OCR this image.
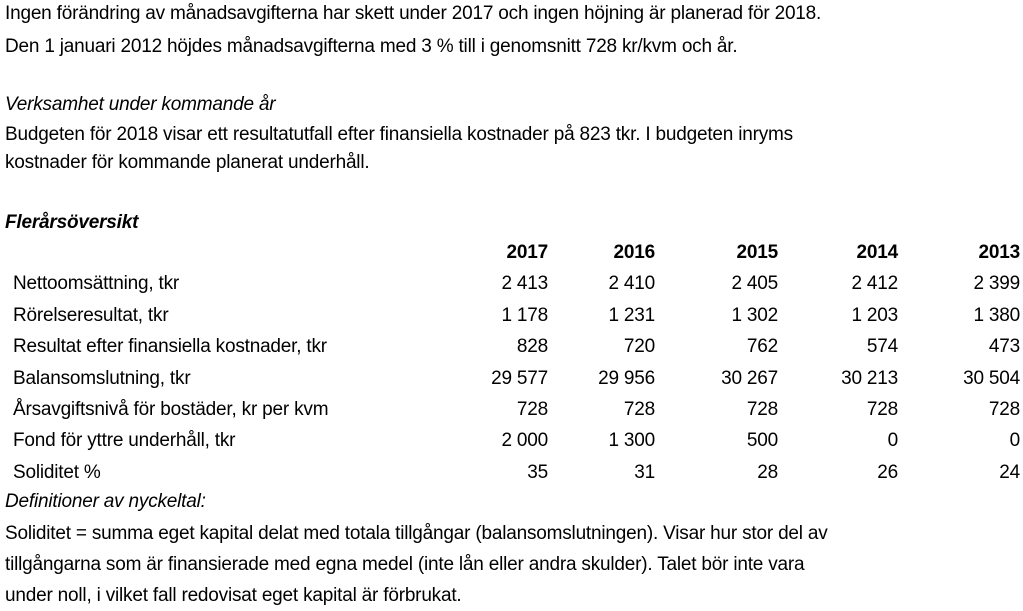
Ingen förändring av månadsavgifterna har skett under 2017 och ingen höjning är planerad för 2018.
Den 1 januari 2012 höjdes månadsavgifterna med 3 % till i genomsnitt 728 kr/kvm och år.
Verksamhet under kommande år
Budgeten för 2018 visar ett resultatutfall efter finansiella kostnader på 823 tkr. I budgeten inryms
kostnader för kommande planerat underhåll.
Flerårsöversikt
	2017	2016	2015	2014	2013
Nettoomsättning, tkr	2 413	2 410	2 405	2 412	2 399
Rörelseresultat, tkr	1 178	1 231	1 302	1 203	1 380
Resultat efter finansiella kostnader, tkr	828	720	762	574	473
Balansomslutning, tkr	29 577	29 956	30 267	30 213	30 504
Årsavgiftsnivå för bostäder, kr per kvm	728	728	728	728	728
Fond för yttre underhåll, tkr	2 000	1 300	500	0	0
Soliditet %	35	31	28	26	24
Definitioner av nyckeltal:
Soliditet = summa eget kapital delat med totala tillgångar (balansomslutningen). Visar hur stor del av
tillgångarna som är finansierade med egna medel (inte lån eller andra skulder). Talet bör inte vara
under noll, i vilket fall redovisat eget kapital är förbrukat.
